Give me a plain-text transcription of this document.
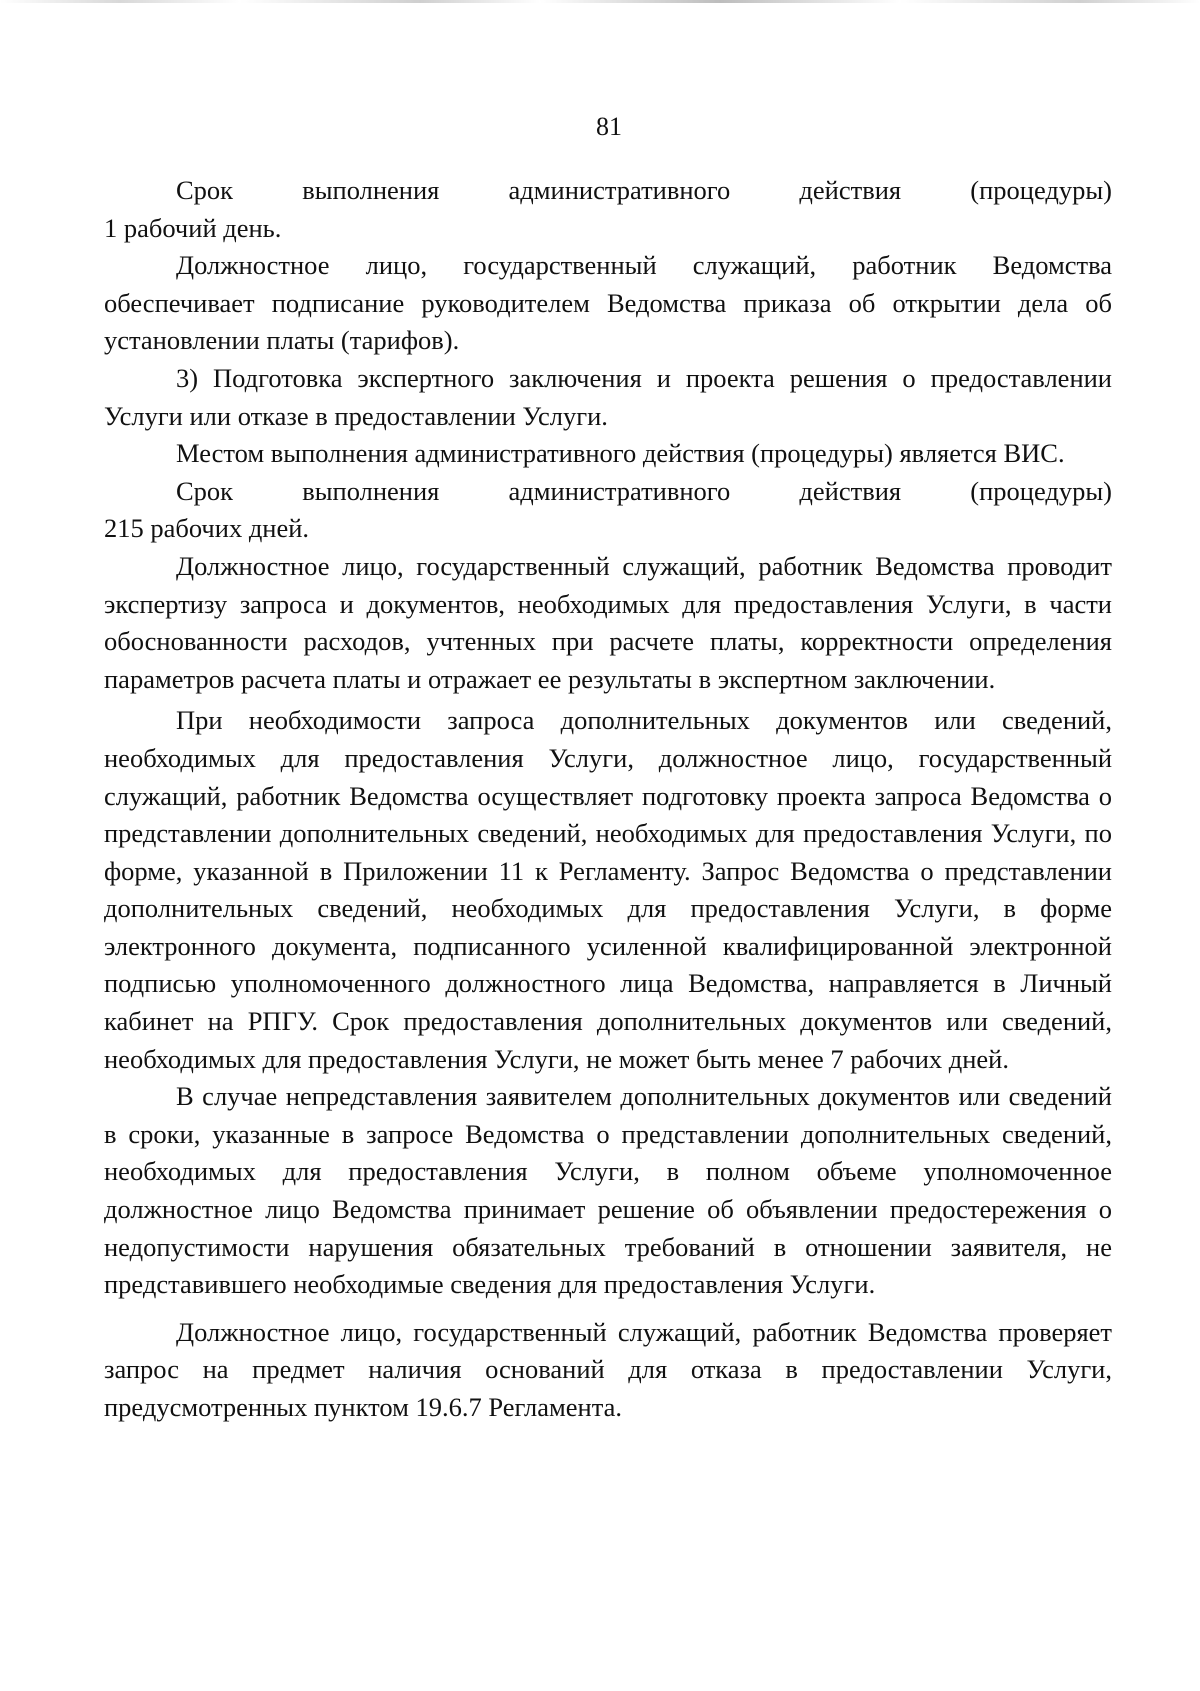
81
Срок	выполнения	административного	действия	(процедуры)

1 рабочий день.

Должностное лицо, государственный служащий, работник Ведомства обеспечивает подписание руководителем Ведомства приказа об открытии дела об установлении платы (тарифов).

3) Подготовка экспертного заключения и проекта решения о предоставлении Услуги или отказе в предоставлении Услуги.

Местом выполнения административного действия (процедуры) является ВИС.

Срок	выполнения	административного	действия	(процедуры)

215 рабочих дней.

Должностное лицо, государственный служащий, работник Ведомства проводит экспертизу запроса и документов, необходимых для предоставления Услуги, в части обоснованности расходов, учтенных при расчете платы, корректности определения параметров расчета платы и отражает ее результаты в экспертном заключении.

При необходимости запроса дополнительных документов или сведений, необходимых для предоставления Услуги, должностное лицо, государственный служащий, работник Ведомства осуществляет подготовку проекта запроса Ведомства о представлении дополнительных сведений, необходимых для предоставления Услуги, по форме, указанной в Приложении 11 к Регламенту. Запрос Ведомства о представлении дополнительных сведений, необходимых для предоставления Услуги, в форме электронного документа, подписанного усиленной квалифицированной электронной подписью уполномоченного должностного лица Ведомства, направляется в Личный кабинет на РПГУ. Срок предоставления дополнительных документов или сведений, необходимых для предоставления Услуги, не может быть менее 7 рабочих дней.

В случае непредставления заявителем дополнительных документов или сведений в сроки, указанные в запросе Ведомства о представлении дополнительных сведений, необходимых для предоставления Услуги, в полном объеме уполномоченное должностное лицо Ведомства принимает решение об объявлении предостережения о недопустимости нарушения обязательных требований в отношении заявителя, не представившего необходимые сведения для предоставления Услуги.

Должностное лицо, государственный служащий, работник Ведомства проверяет запрос на предмет наличия оснований для отказа в предоставлении Услуги, предусмотренных пунктом 19.6.7 Регламента.
